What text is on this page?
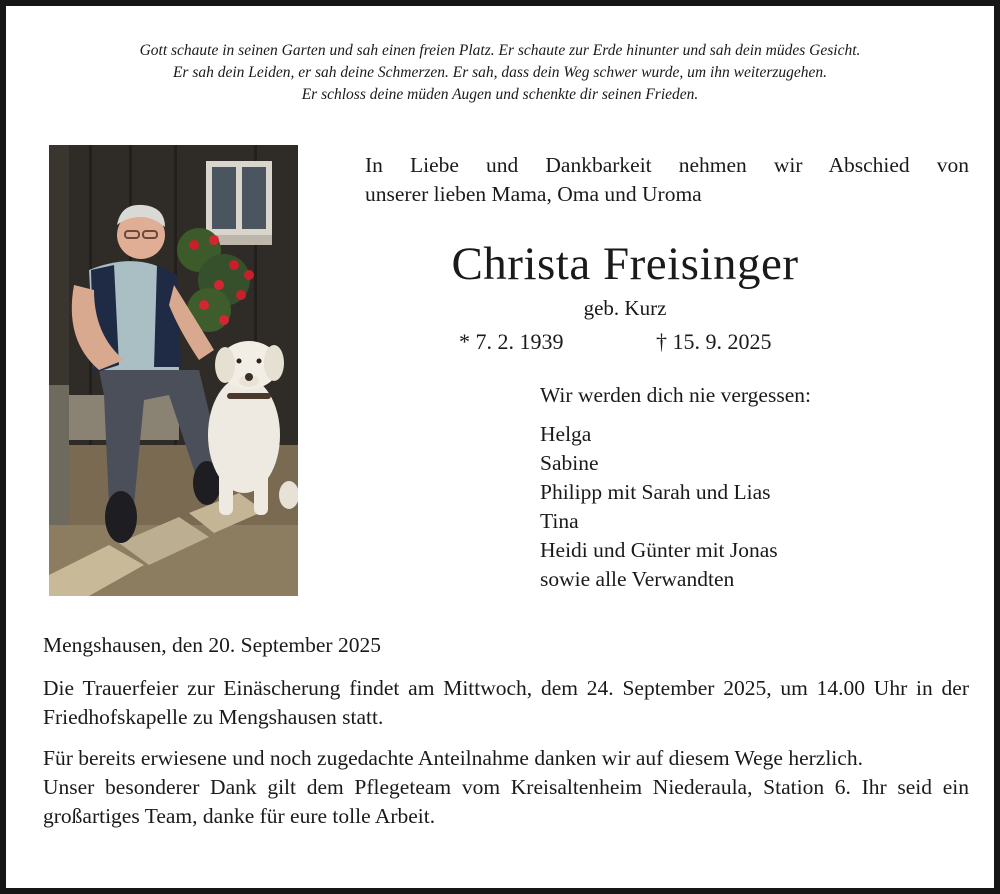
Gott schaute in seinen Garten und sah einen freien Platz. Er schaute zur Erde hinunter und sah dein müdes Gesicht.
Er sah dein Leiden, er sah deine Schmerzen. Er sah, dass dein Weg schwer wurde, um ihn weiterzugehen.
Er schloss deine müden Augen und schenkte dir seinen Frieden.
In Liebe und Dankbarkeit nehmen wir Abschied von
unserer lieben Mama, Oma und Uroma
Christa Freisinger
geb. Kurz
* 7. 2. 1939	† 15. 9. 2025
Wir werden dich nie vergessen:
Helga
Sabine
Philipp mit Sarah und Lias
Tina
Heidi und Günter mit Jonas
sowie alle Verwandten

Mengshausen, den 20. September 2025

Die Trauerfeier zur Einäscherung findet am Mittwoch, dem 24. September 2025, um 14.00 Uhr in der Friedhofskapelle zu Mengshausen statt.

Für bereits erwiesene und noch zugedachte Anteilnahme danken wir auf diesem Wege herzlich.

Unser besonderer Dank gilt dem Pflegeteam vom Kreisaltenheim Niederaula, Station 6. Ihr seid ein großartiges Team, danke für eure tolle Arbeit.
